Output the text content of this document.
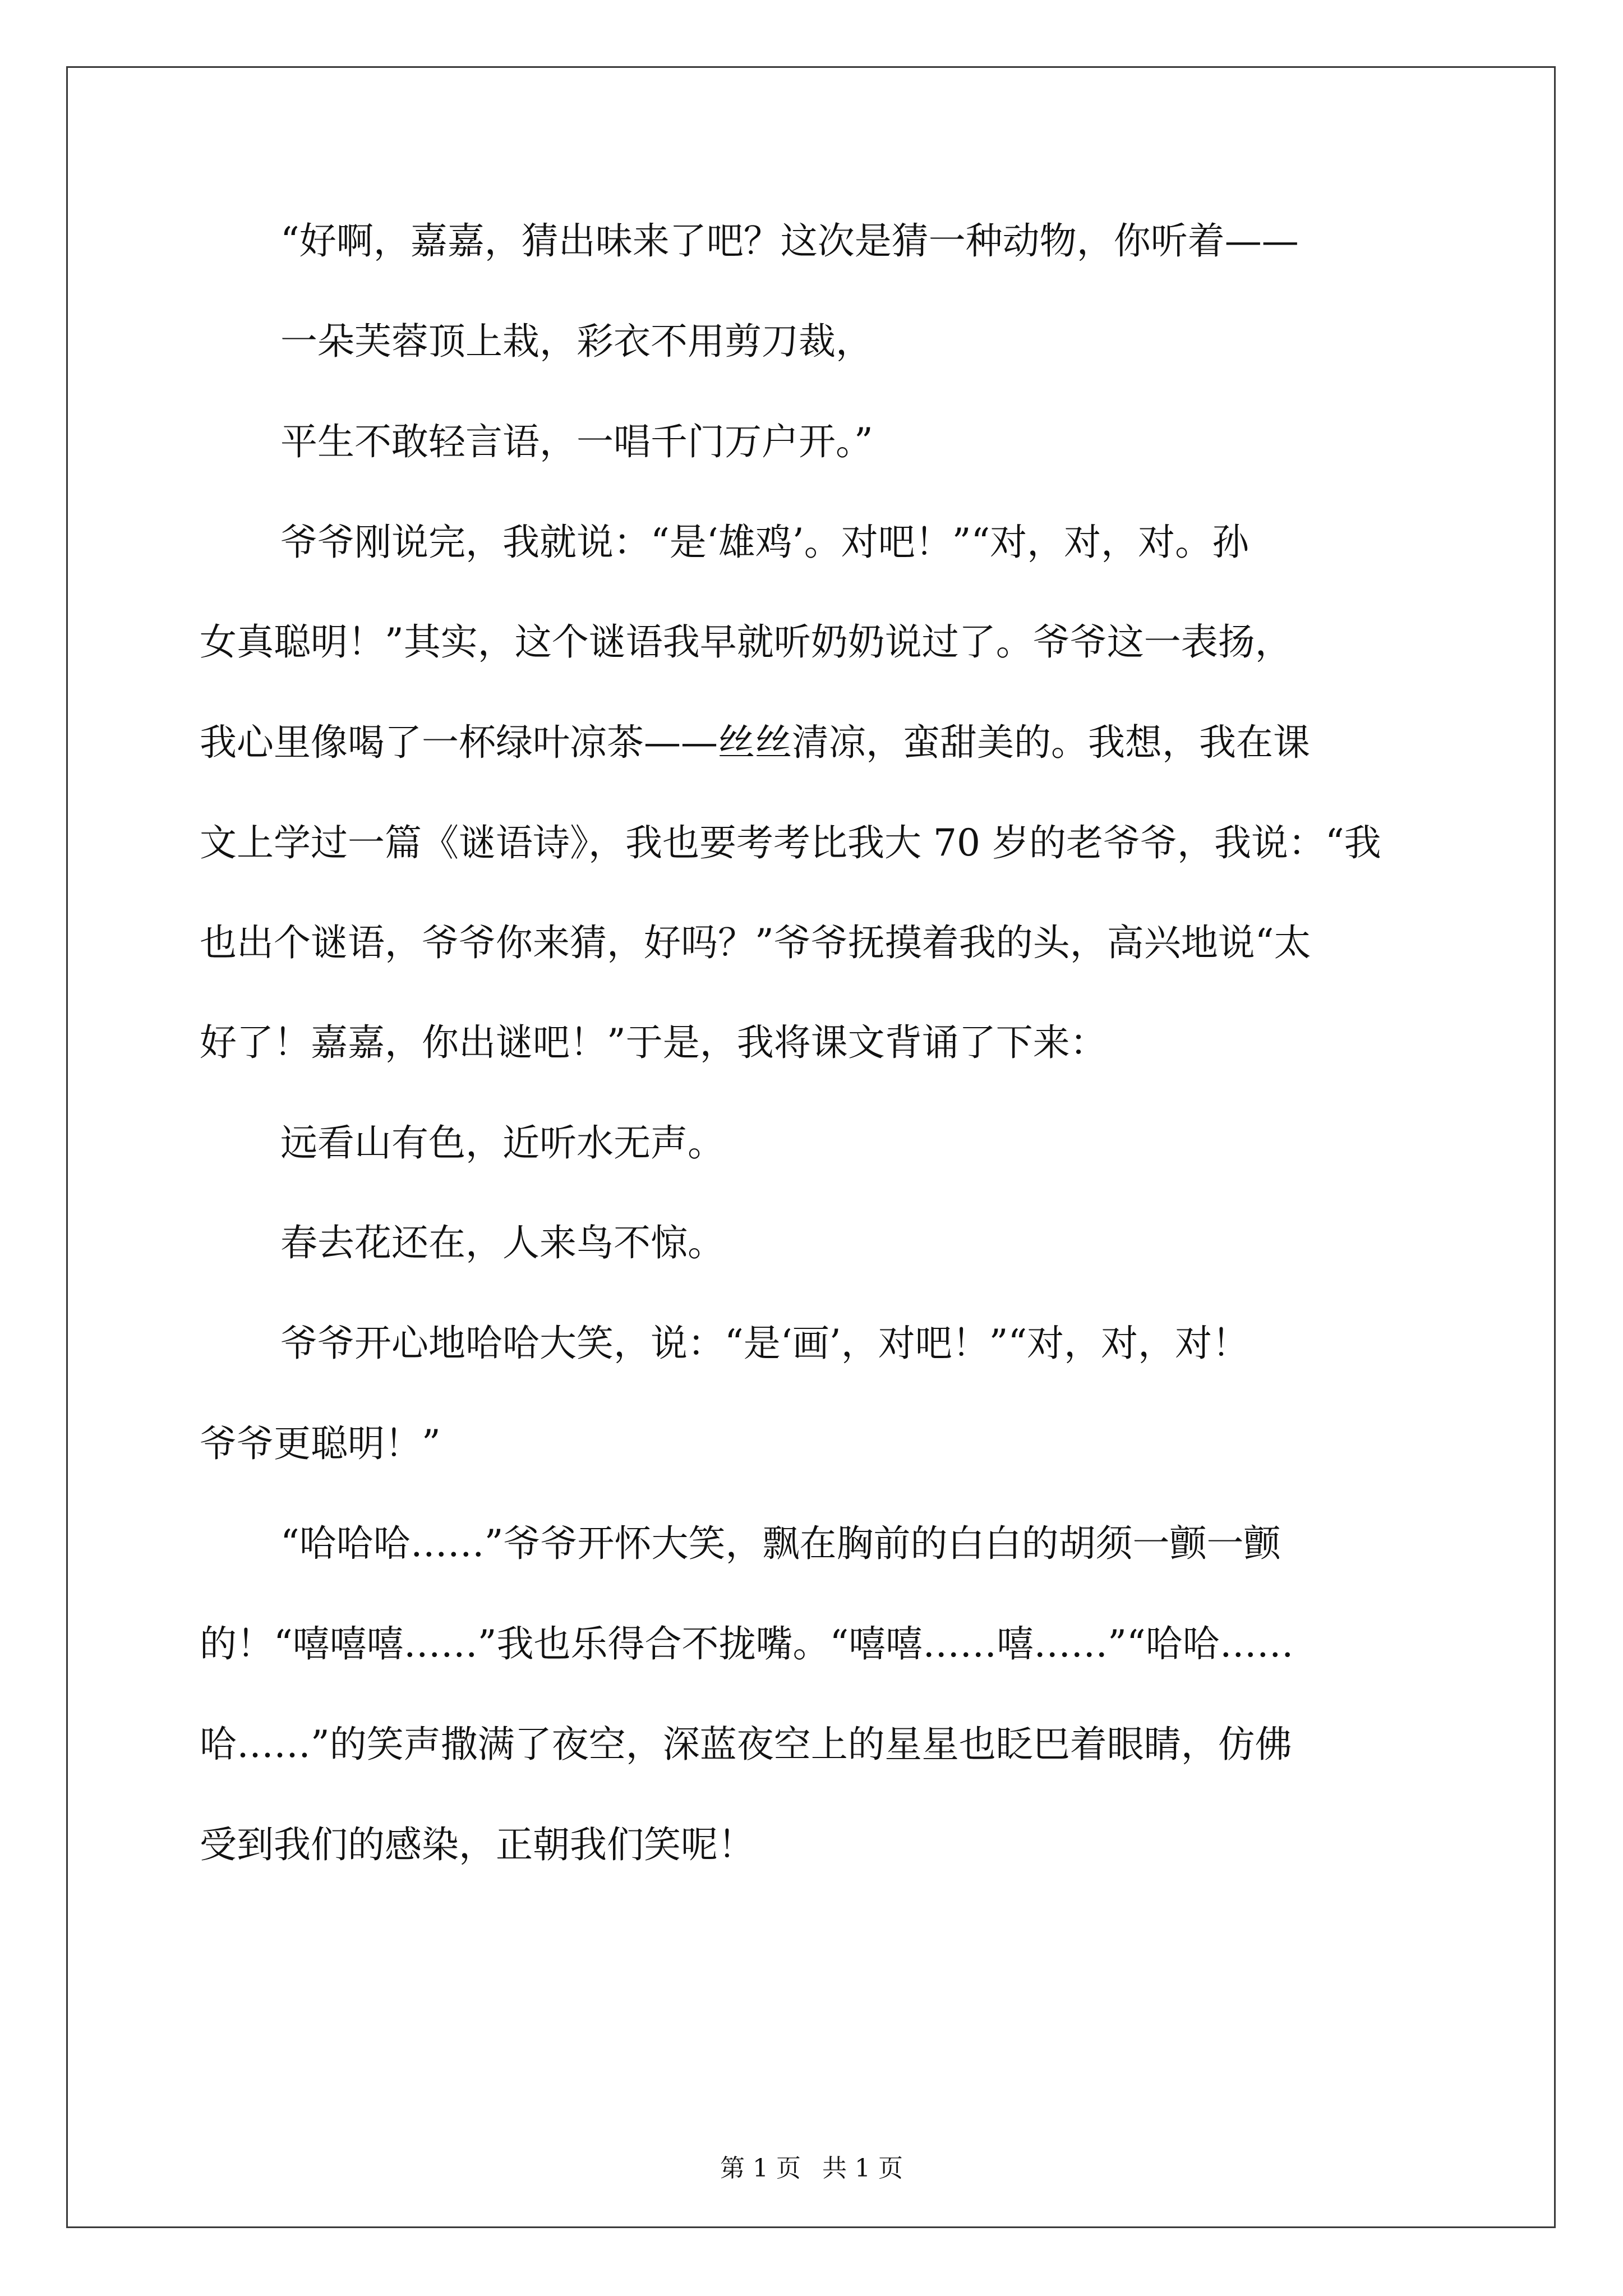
“好啊，嘉嘉，猜出味来了吧？这次是猜一种动物，你听着——

一朵芙蓉顶上栽，彩衣不用剪刀裁，

平生不敢轻言语，一唱千门万户开。”

爷爷刚说完，我就说：“是‘雄鸡’。对吧！”“对，对，对。孙

女真聪明！”其实，这个谜语我早就听奶奶说过了。爷爷这一表扬，

我心里像喝了一杯绿叶凉茶——丝丝清凉，蛮甜美的。我想，我在课

文上学过一篇《谜语诗》，我也要考考比我大 70 岁的老爷爷，我说：“我

也出个谜语，爷爷你来猜，好吗？”爷爷抚摸着我的头，高兴地说“太

好了！嘉嘉，你出谜吧！”于是，我将课文背诵了下来：

远看山有色，近听水无声。

春去花还在，人来鸟不惊。

爷爷开心地哈哈大笑，说：“是‘画’，对吧！”“对，对，对！

爷爷更聪明！”

“哈哈哈……”爷爷开怀大笑，飘在胸前的白白的胡须一颤一颤

的！“嘻嘻嘻……”我也乐得合不拢嘴。“嘻嘻……嘻……”“哈哈……

哈……”的笑声撒满了夜空，深蓝夜空上的星星也眨巴着眼睛，仿佛

受到我们的感染，正朝我们笑呢！

第 1 页 共 1 页
